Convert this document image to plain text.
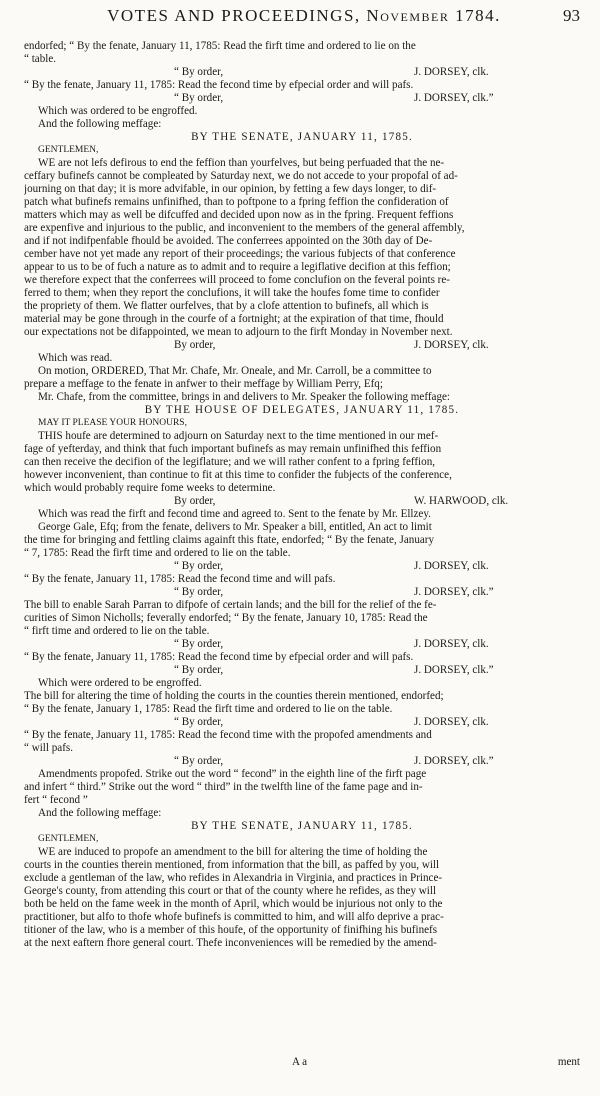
VOTES AND PROCEEDINGS, November 1784.	93
endorfed; “ By the fenate, January 11, 1785: Read the firft time and ordered to lie on the
“ table.
“ By order,	J. DORSEY, clk.
“ By the fenate, January 11, 1785: Read the fecond time by efpecial order and will pafs.
“ By order,	J. DORSEY, clk.”
Which was ordered to be engroffed.
And the following meffage:
BY THE SENATE, JANUARY 11, 1785.
GENTLEMEN,
WE are not lefs defirous to end the feffion than yourfelves, but being perfuaded that the ne-
ceffary bufinefs cannot be compleated by Saturday next, we do not accede to your propofal of ad-
journing on that day; it is more advifable, in our opinion, by fetting a few days longer, to dif-
patch what bufinefs remains unfinifhed, than to poftpone to a fpring feffion the confideration of
matters which may as well be difcuffed and decided upon now as in the fpring. Frequent feffions
are expenfive and injurious to the public, and inconvenient to the members of the general affembly,
and if not indifpenfable fhould be avoided. The conferrees appointed on the 30th day of De-
cember have not yet made any report of their proceedings; the various fubjects of that conference
appear to us to be of fuch a nature as to admit and to require a legiflative decifion at this feffion;
we therefore expect that the conferrees will proceed to fome conclufion on the feveral points re-
ferred to them; when they report the conclufions, it will take the houfes fome time to confider
the propriety of them. We flatter ourfelves, that by a clofe attention to bufinefs, all which is
material may be gone through in the courfe of a fortnight; at the expiration of that time, fhould
our expectations not be difappointed, we mean to adjourn to the firft Monday in November next.
By order,	J. DORSEY, clk.
Which was read.
On motion, ORDERED, That Mr. Chafe, Mr. Oneale, and Mr. Carroll, be a committee to
prepare a meffage to the fenate in anfwer to their meffage by William Perry, Efq;
Mr. Chafe, from the committee, brings in and delivers to Mr. Speaker the following meffage:
BY THE HOUSE OF DELEGATES, JANUARY 11, 1785.
MAY IT PLEASE YOUR HONOURS,
THIS houfe are determined to adjourn on Saturday next to the time mentioned in our mef-
fage of yefterday, and think that fuch important bufinefs as may remain unfinifhed this feffion
can then receive the decifion of the legiflature; and we will rather confent to a fpring feffion,
however inconvenient, than continue to fit at this time to confider the fubjects of the conference,
which would probably require fome weeks to determine.
By order,	W. HARWOOD, clk.
Which was read the firft and fecond time and agreed to. Sent to the fenate by Mr. Ellzey.
George Gale, Efq; from the fenate, delivers to Mr. Speaker a bill, entitled, An act to limit
the time for bringing and fettling claims againft this ftate, endorfed; “ By the fenate, January
“ 7, 1785: Read the firft time and ordered to lie on the table.
“ By order,	J. DORSEY, clk.
“ By the fenate, January 11, 1785: Read the fecond time and will pafs.
“ By order,	J. DORSEY, clk.”
The bill to enable Sarah Parran to difpofe of certain lands; and the bill for the relief of the fe-
curities of Simon Nicholls; feverally endorfed; “ By the fenate, January 10, 1785: Read the
“ firft time and ordered to lie on the table.
“ By order,	J. DORSEY, clk.
“ By the fenate, January 11, 1785: Read the fecond time by efpecial order and will pafs.
“ By order,	J. DORSEY, clk.”
Which were ordered to be engroffed.
The bill for altering the time of holding the courts in the counties therein mentioned, endorfed;
“ By the fenate, January 1, 1785: Read the firft time and ordered to lie on the table.
“ By order,	J. DORSEY, clk.
“ By the fenate, January 11, 1785: Read the fecond time with the propofed amendments and
“ will pafs.
“ By order,	J. DORSEY, clk.”
Amendments propofed. Strike out the word “ fecond” in the eighth line of the firft page
and infert “ third.” Strike out the word “ third” in the twelfth line of the fame page and in-
fert “ fecond ”
And the following meffage:
BY THE SENATE, JANUARY 11, 1785.
GENTLEMEN,
WE are induced to propofe an amendment to the bill for altering the time of holding the
courts in the counties therein mentioned, from information that the bill, as paffed by you, will
exclude a gentleman of the law, who refides in Alexandria in Virginia, and practices in Prince-
George's county, from attending this court or that of the county where he refides, as they will
both be held on the fame week in the month of April, which would be injurious not only to the
practitioner, but alfo to thofe whofe bufinefs is committed to him, and will alfo deprive a prac-
titioner of the law, who is a member of this houfe, of the opportunity of finifhing his bufinefs
at the next eaftern fhore general court. Thefe inconveniences will be remedied by the amend-
A a	ment
